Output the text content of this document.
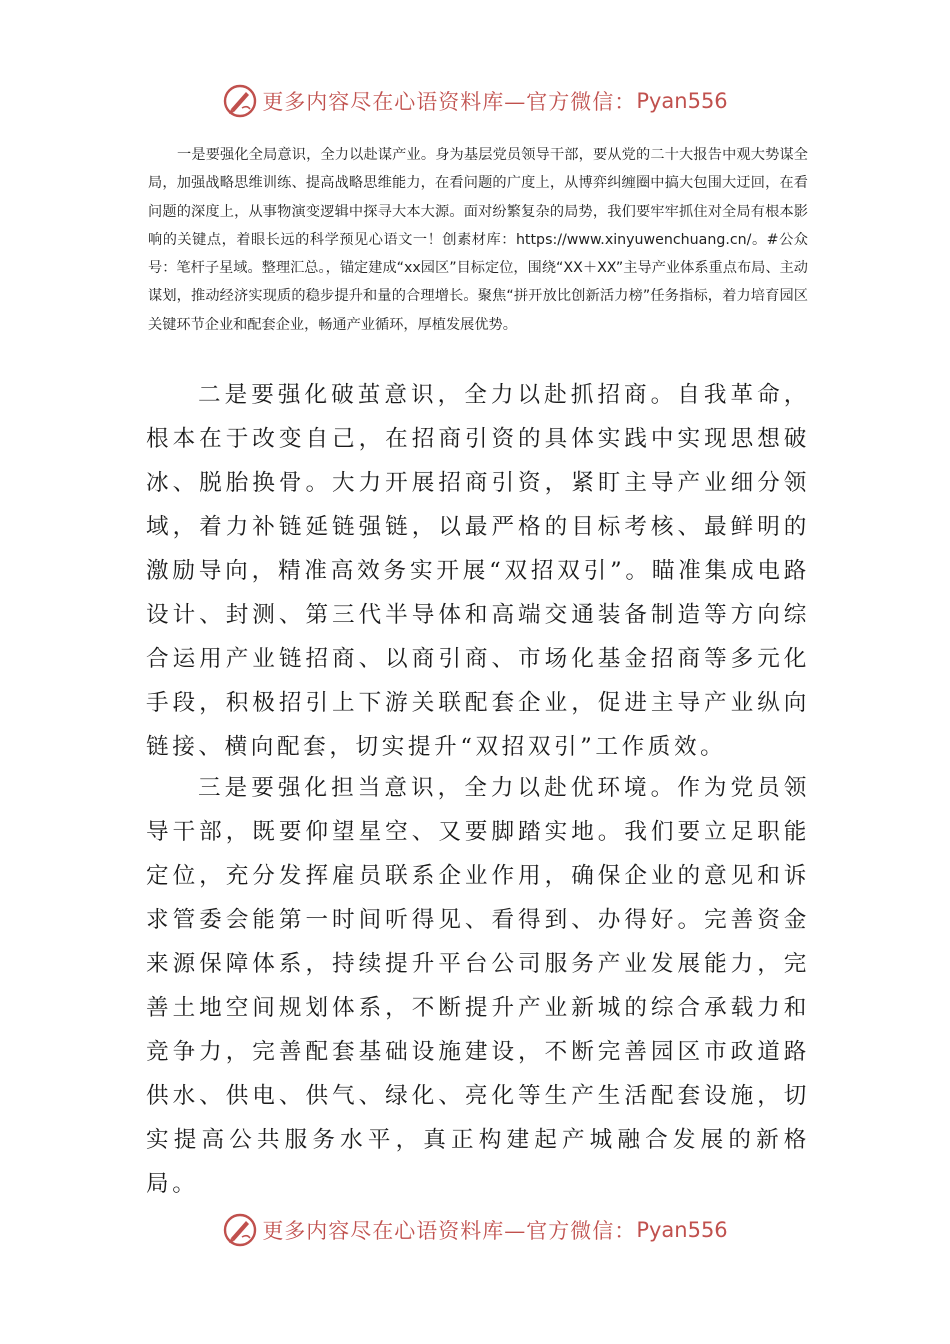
更多内容尽在心语资料库—官方微信： Pyan556

一是要强化全局意识，全力以赴谋产业。身为基层党员领导干部，要从党的二十大报告中观大势谋全局，加强战略思维训练、提高战略思维能力，在看问题的广度上，从博弈纠缠圈中搞大包围大迂回，在看问题的深度上，从事物演变逻辑中探寻大本大源。面对纷繁复杂的局势，我们要牢牢抓住对全局有根本影响的关键点，着眼长远的科学预见心语文一！创素材库：https://www.xinyuwenchuang.cn/。#公众号：笔杆子星域。整理汇总。，锚定建成“xx园区”目标定位，围绕“XX＋XX”主导产业体系重点布局、主动谋划，推动经济实现质的稳步提升和量的合理增长。聚焦“拼开放比创新活力榜”任务指标，着力培育园区关键环节企业和配套企业，畅通产业循环，厚植发展优势。

二是要强化破茧意识，全力以赴抓招商。自我革命，根本在于改变自己，在招商引资的具体实践中实现思想破冰、脱胎换骨。大力开展招商引资，紧盯主导产业细分领域，着力补链延链强链，以最严格的目标考核、最鲜明的激励导向，精准高效务实开展“双招双引”。瞄准集成电路设计、封测、第三代半导体和高端交通装备制造等方向综合运用产业链招商、以商引商、市场化基金招商等多元化手段，积极招引上下游关联配套企业，促进主导产业纵向链接、横向配套，切实提升“双招双引”工作质效。

三是要强化担当意识，全力以赴优环境。作为党员领导干部，既要仰望星空、又要脚踏实地。我们要立足职能定位，充分发挥雇员联系企业作用，确保企业的意见和诉求管委会能第一时间听得见、看得到、办得好。完善资金来源保障体系，持续提升平台公司服务产业发展能力，完善土地空间规划体系，不断提升产业新城的综合承载力和竞争力，完善配套基础设施建设，不断完善园区市政道路供水、供电、供气、绿化、亮化等生产生活配套设施，切实提高公共服务水平，真正构建起产城融合发展的新格局。

更多内容尽在心语资料库—官方微信： Pyan556
